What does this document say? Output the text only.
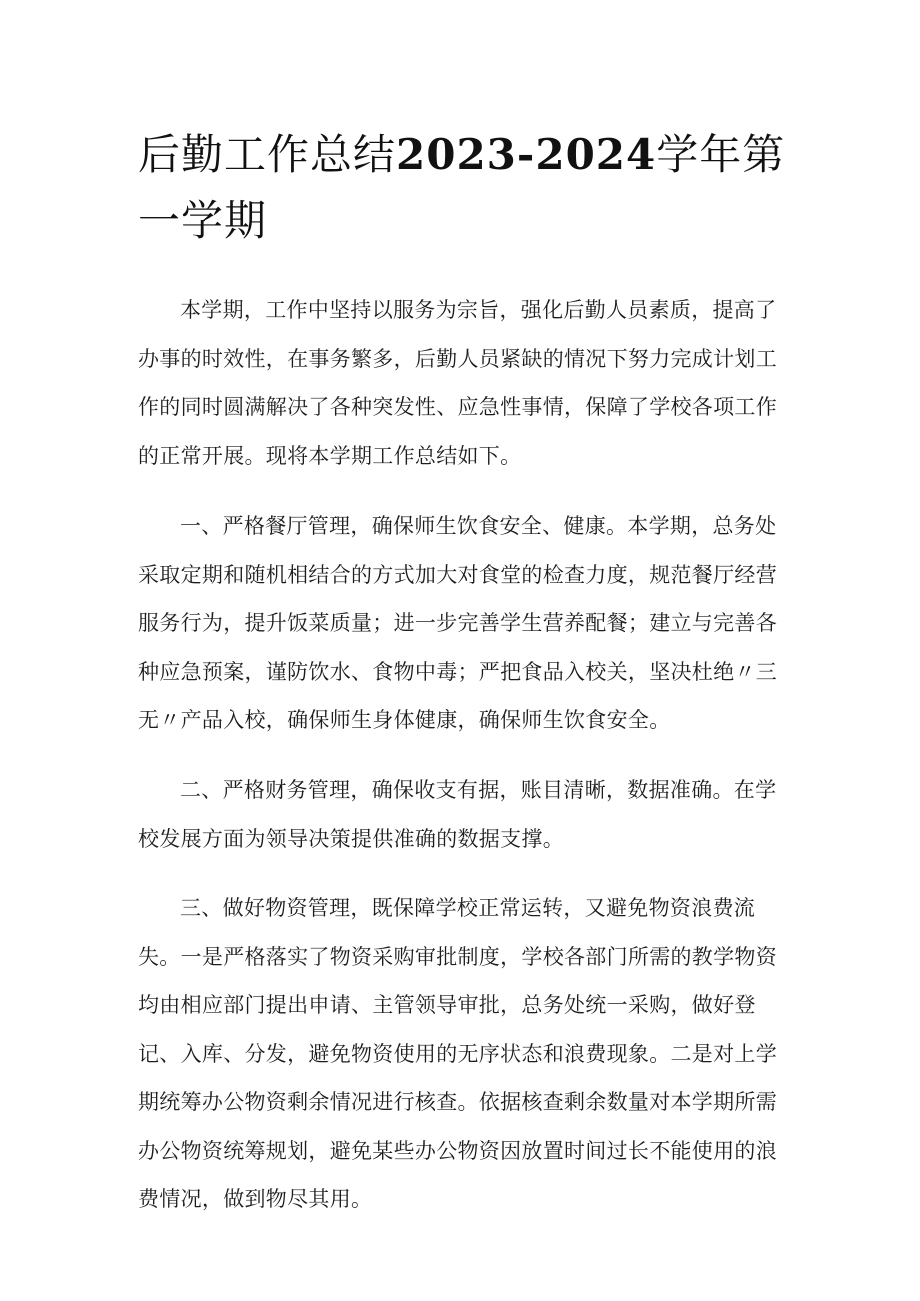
后勤工作总结2023-2024学年第一学期

本学期，工作中坚持以服务为宗旨，强化后勤人员素质，提高了办事的时效性，在事务繁多，后勤人员紧缺的情况下努力完成计划工作的同时圆满解决了各种突发性、应急性事情，保障了学校各项工作的正常开展。现将本学期工作总结如下。

一、严格餐厅管理，确保师生饮食安全、健康。本学期，总务处采取定期和随机相结合的方式加大对食堂的检查力度，规范餐厅经营服务行为，提升饭菜质量；进一步完善学生营养配餐；建立与完善各种应急预案，谨防饮水、食物中毒；严把食品入校关，坚决杜绝〃三无〃产品入校，确保师生身体健康，确保师生饮食安全。

二、严格财务管理，确保收支有据，账目清晰，数据准确。在学校发展方面为领导决策提供准确的数据支撑。

三、做好物资管理，既保障学校正常运转，又避免物资浪费流失。一是严格落实了物资采购审批制度，学校各部门所需的教学物资均由相应部门提出申请、主管领导审批，总务处统一采购，做好登记、入库、分发，避免物资使用的无序状态和浪费现象。二是对上学期统筹办公物资剩余情况进行核查。依据核查剩余数量对本学期所需办公物资统筹规划，避免某些办公物资因放置时间过长不能使用的浪费情况，做到物尽其用。
